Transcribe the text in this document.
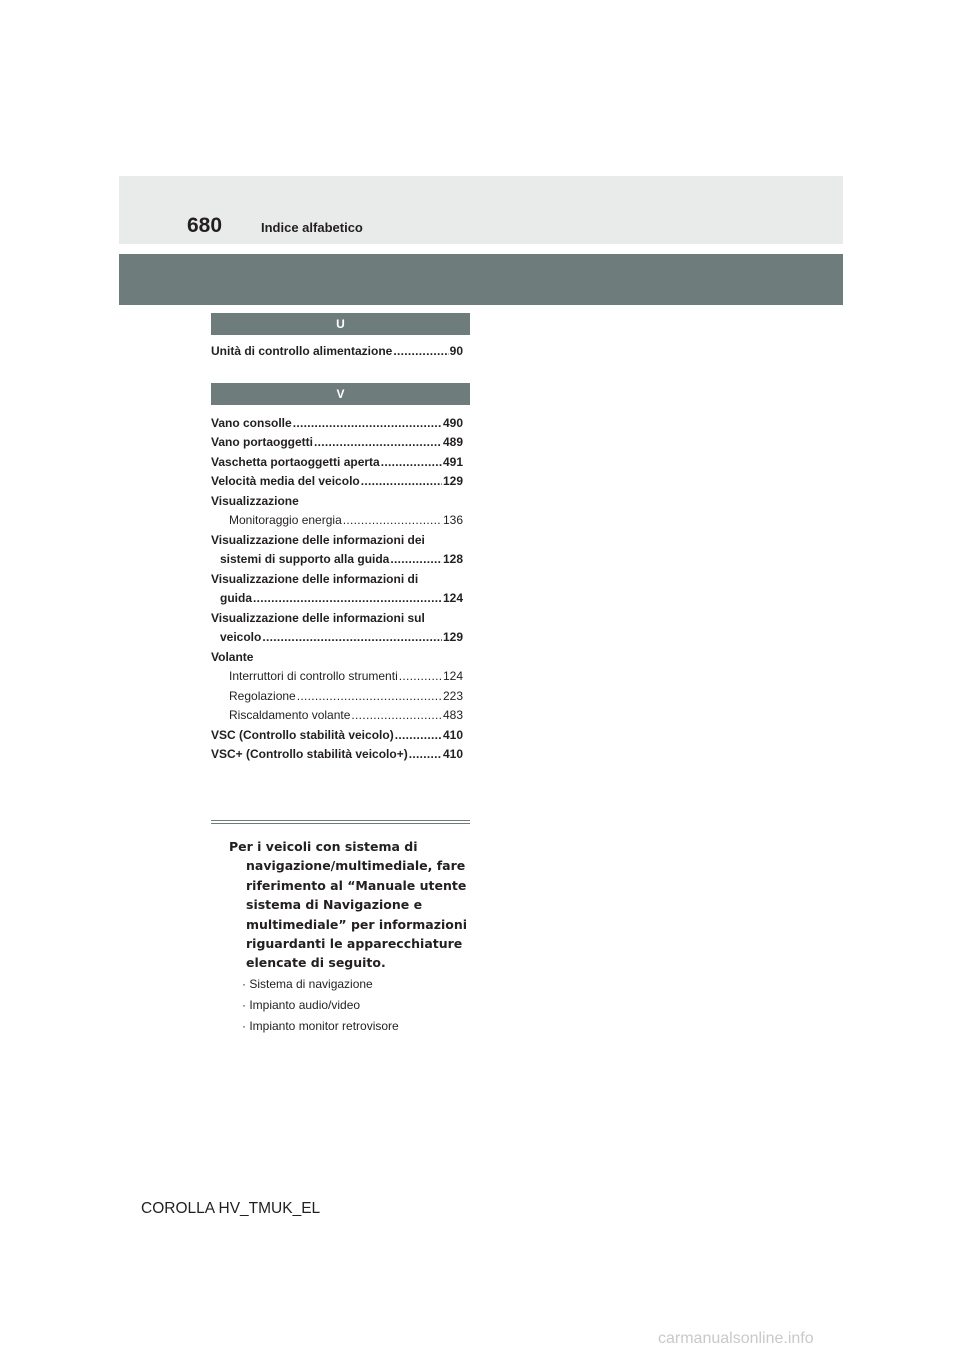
680	Indice alfabetico
U
Unità di controllo alimentazione .....	90
V
Vano consolle .....	490
Vano portaoggetti .....	489
Vaschetta portaoggetti aperta .....	491
Velocità media del veicolo .....	129
Visualizzazione
Monitoraggio energia .....	136
Visualizzazione delle informazioni dei
sistemi di supporto alla guida .....	128
Visualizzazione delle informazioni di
guida .....	124
Visualizzazione delle informazioni sul
veicolo .....	129
Volante
Interruttori di controllo strumenti .....	124
Regolazione .....	223
Riscaldamento volante .....	483
VSC (Controllo stabilità veicolo) .....	410
VSC+ (Controllo stabilità veicolo+) .....	410
Per i veicoli con sistema di navigazione/multimediale, fare riferimento al “Manuale utente sistema di Navigazione e multimediale” per informazioni riguardanti le apparecchiature elencate di seguito.
· Sistema di navigazione
· Impianto audio/video
· Impianto monitor retrovisore
COROLLA HV_TMUK_EL
carmanualsonline.info
